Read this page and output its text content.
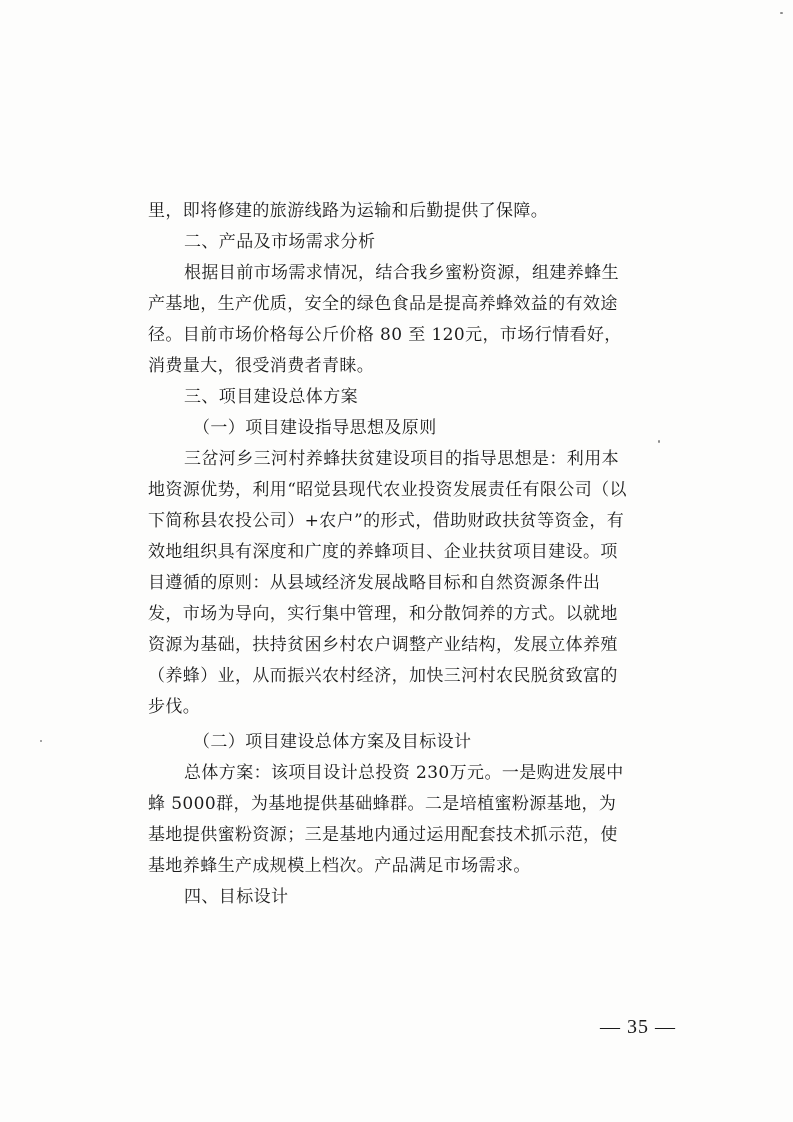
里，即将修建的旅游线路为运输和后勤提供了保障。
二、产品及市场需求分析
根据目前市场需求情况，结合我乡蜜粉资源，组建养蜂生
产基地，生产优质，安全的绿色食品是提高养蜂效益的有效途
径。目前市场价格每公斤价格 80 至 120元，市场行情看好，
消费量大，很受消费者青睐。
三、项目建设总体方案
（一）项目建设指导思想及原则
三岔河乡三河村养蜂扶贫建设项目的指导思想是：利用本
地资源优势，利用“昭觉县现代农业投资发展责任有限公司（以
下简称县农投公司）+农户”的形式，借助财政扶贫等资金，有
效地组织具有深度和广度的养蜂项目、企业扶贫项目建设。项
目遵循的原则：从县域经济发展战略目标和自然资源条件出
发，市场为导向，实行集中管理，和分散饲养的方式。以就地
资源为基础，扶持贫困乡村农户调整产业结构，发展立体养殖
（养蜂）业，从而振兴农村经济，加快三河村农民脱贫致富的
步伐。
（二）项目建设总体方案及目标设计
总体方案：该项目设计总投资 230万元。一是购进发展中
蜂 5000群，为基地提供基础蜂群。二是培植蜜粉源基地，为
基地提供蜜粉资源；三是基地内通过运用配套技术抓示范，使
基地养蜂生产成规模上档次。产品满足市场需求。
四、目标设计
— 35 —
